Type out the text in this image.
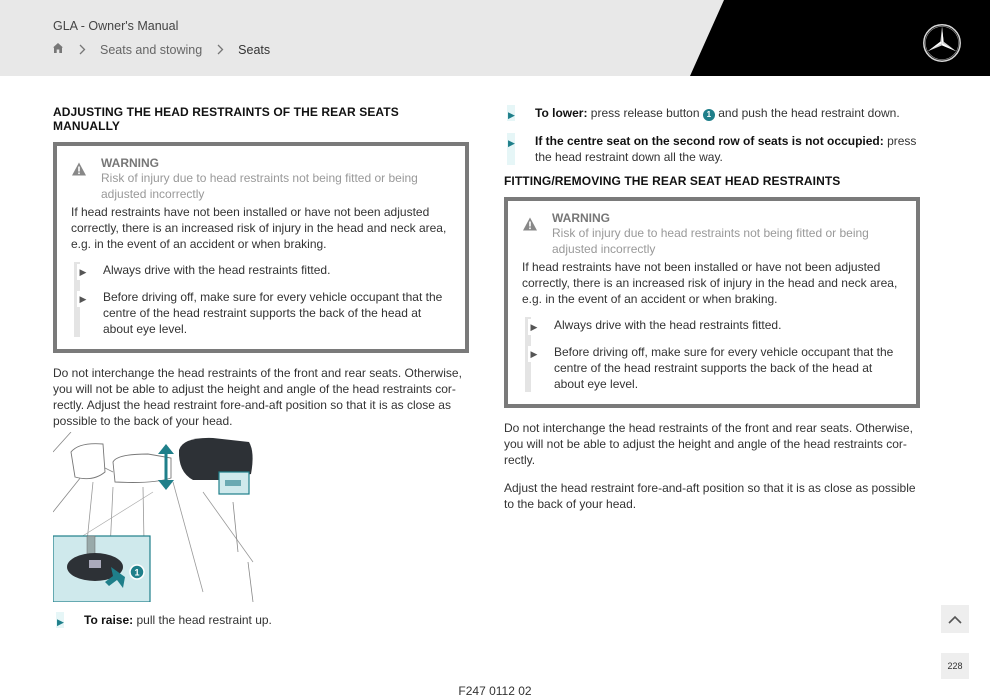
GLA - Owner's Manual
Seats and stowing	Seats
ADJUSTING THE HEAD RESTRAINTS OF THE REAR SEATS MANUALLY
WARNING
Risk of injury due to head restraints not being fitted or being adjusted incorrectly
If head restraints have not been installed or have not been adjusted correctly, there is an increased risk of injury in the head and neck area, e.g. in the event of an accident or when braking.
▶ Always drive with the head restraints fitted.
▶ Before driving off, make sure for every vehicle occupant that the centre of the head restraint supports the back of the head at about eye level.

Do not interchange the head restraints of the front and rear seats. Otherwise, you will not be able to adjust the height and angle of the head restraints cor-rectly. Adjust the head restraint fore-and-aft position so that it is as close as possible to the back of your head.

1
▶ To raise: pull the head restraint up.
▶ To lower: press release button 1 and push the head restraint down.
▶ If the centre seat on the second row of seats is not occupied: press the head restraint down all the way.
FITTING/REMOVING THE REAR SEAT HEAD RESTRAINTS
WARNING
Risk of injury due to head restraints not being fitted or being adjusted incorrectly
If head restraints have not been installed or have not been adjusted correctly, there is an increased risk of injury in the head and neck area, e.g. in the event of an accident or when braking.
▶ Always drive with the head restraints fitted.
▶ Before driving off, make sure for every vehicle occupant that the centre of the head restraint supports the back of the head at about eye level.

Do not interchange the head restraints of the front and rear seats. Otherwise, you will not be able to adjust the height and angle of the head restraints cor-rectly.

Adjust the head restraint fore-and-aft position so that it is as close as possible to the back of your head.

F247 0112 02
228
